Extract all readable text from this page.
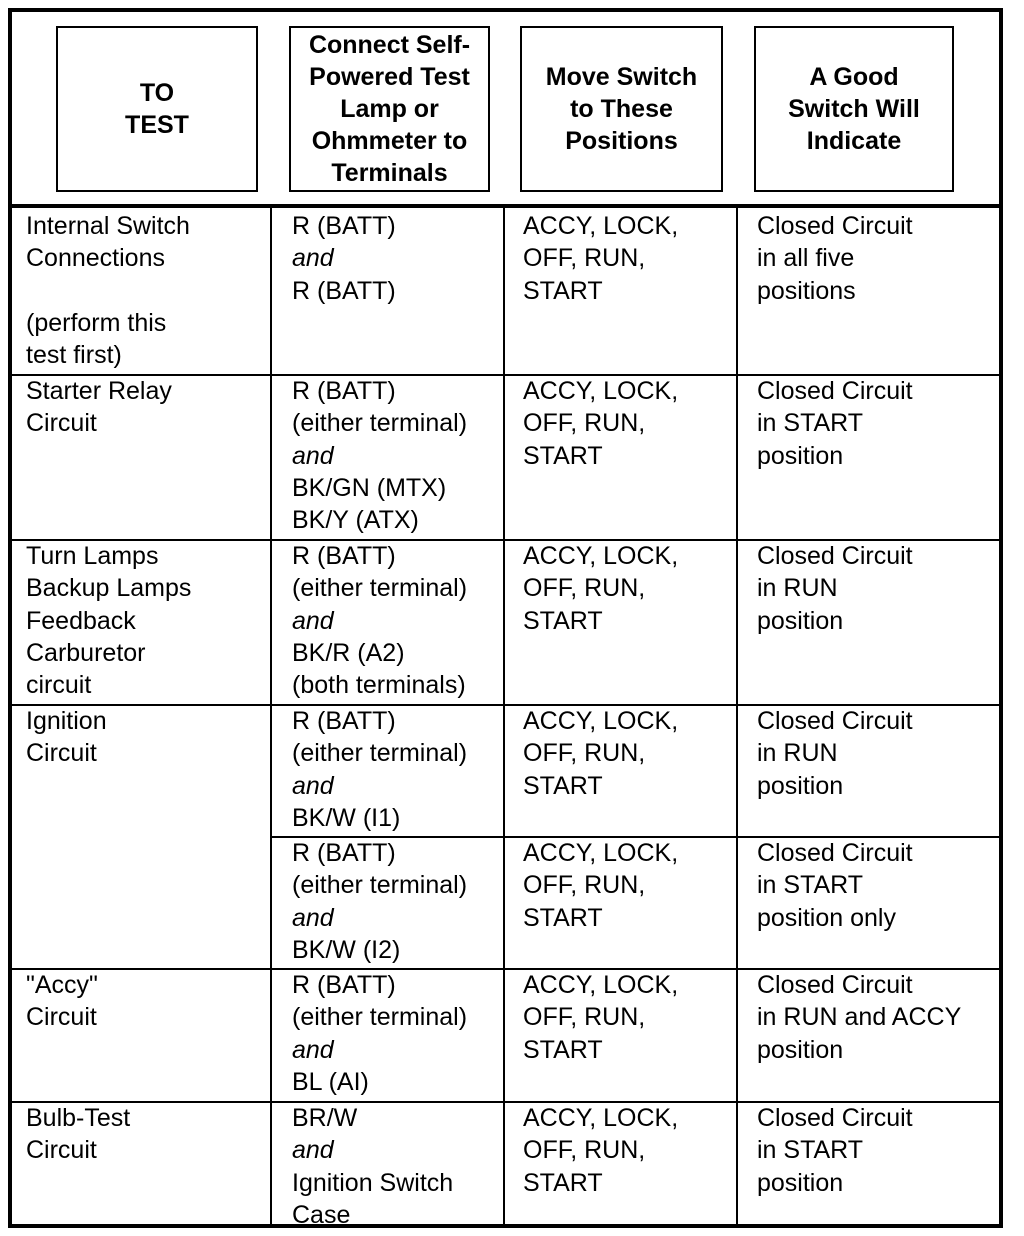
TO
TEST
Connect Self-
Powered Test
Lamp or
Ohmmeter to
Terminals
Move Switch
to These
Positions
A Good
Switch Will
Indicate
Internal Switch
Connections

(perform this
test first)
R (BATT)
and
R (BATT)
ACCY, LOCK,
OFF, RUN,
START
Closed Circuit
in all five
positions
Starter Relay
Circuit
R (BATT)
(either terminal)
and
BK/GN (MTX)
BK/Y (ATX)
ACCY, LOCK,
OFF, RUN,
START
Closed Circuit
in START
position
Turn Lamps
Backup Lamps
Feedback
Carburetor
circuit
R (BATT)
(either terminal)
and
BK/R (A2)
(both terminals)
ACCY, LOCK,
OFF, RUN,
START
Closed Circuit
in RUN
position
Ignition
Circuit
R (BATT)
(either terminal)
and
BK/W (I1)
ACCY, LOCK,
OFF, RUN,
START
Closed Circuit
in RUN
position
R (BATT)
(either terminal)
and
BK/W (I2)
ACCY, LOCK,
OFF, RUN,
START
Closed Circuit
in START
position only
"Accy"
Circuit
R (BATT)
(either terminal)
and
BL (AI)
ACCY, LOCK,
OFF, RUN,
START
Closed Circuit
in RUN and ACCY
position
Bulb-Test
Circuit
BR/W
and
Ignition Switch
Case
ACCY, LOCK,
OFF, RUN,
START
Closed Circuit
in START
position
